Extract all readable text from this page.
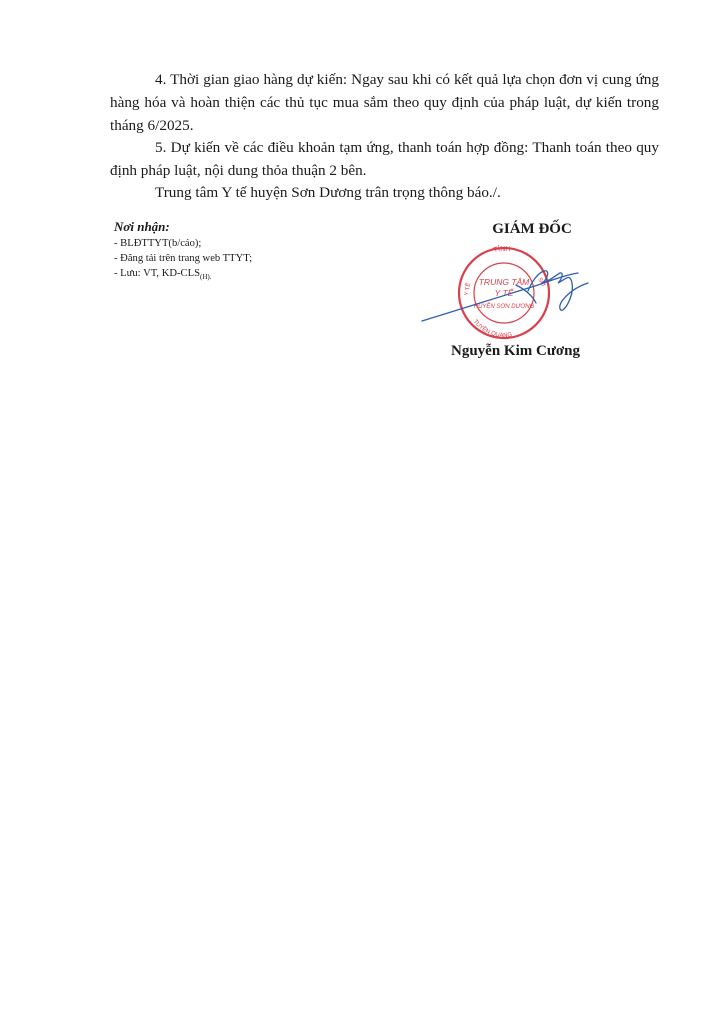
4. Thời gian giao hàng dự kiến: Ngay sau khi có kết quả lựa chọn đơn vị cung ứng hàng hóa và hoàn thiện các thủ tục mua sắm theo quy định của pháp luật, dự kiến trong tháng 6/2025.

5. Dự kiến về các điều khoản tạm ứng, thanh toán hợp đồng: Thanh toán theo quy định pháp luật, nội dung thỏa thuận 2 bên.

Trung tâm Y tế huyện Sơn Dương trân trọng thông báo./.

Nơi nhận:

- BLĐTTYT(b/cáo);

- Đăng tải trên trang web TTYT;

- Lưu: VT, $KD-CLS_{(H).}$

GIÁM ĐỐC
TỈNH
TUYÊN QUANG
Y TẾ	SỞ
TRUNG TÂM
Y TẾ
HUYỆN SƠN DƯƠNG
Nguyễn Kim Cương
